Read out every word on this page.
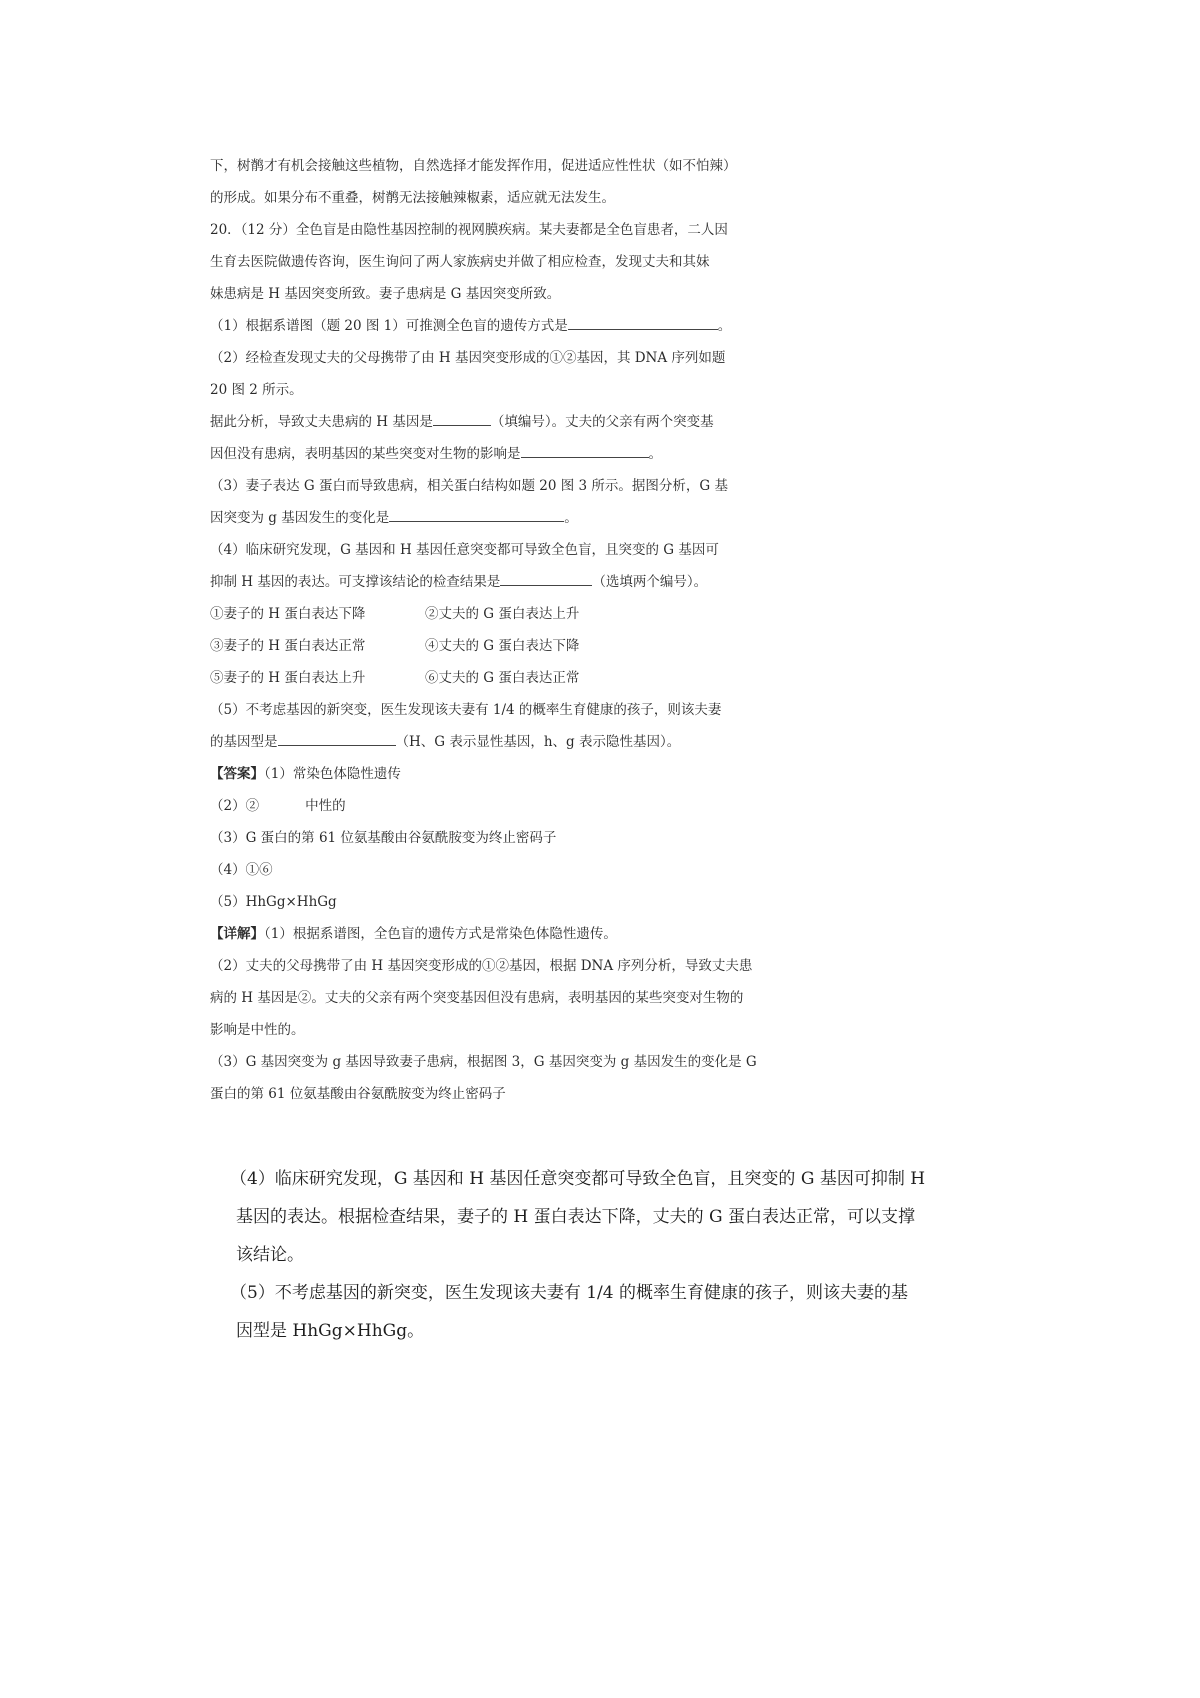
下，树鹡才有机会接触这些植物，自然选择才能发挥作用，促进适应性性状（如不怕辣）

的形成。如果分布不重叠，树鹡无法接触辣椒素，适应就无法发生。

20．（12 分）全色盲是由隐性基因控制的视网膜疾病。某夫妻都是全色盲患者，二人因

生育去医院做遗传咨询，医生询问了两人家族病史并做了相应检查，发现丈夫和其妹

妹患病是 H 基因突变所致。妻子患病是 G 基因突变所致。

（1）根据系谱图（题 20 图 1）可推测全色盲的遗传方式是	。

（2）经检查发现丈夫的父母携带了由 H 基因突变形成的①②基因，其 DNA 序列如题

20 图 2 所示。

据此分析，导致丈夫患病的 H 基因是	（填编号）。丈夫的父亲有两个突变基

因但没有患病，表明基因的某些突变对生物的影响是	。

（3）妻子表达 G 蛋白而导致患病，相关蛋白结构如题 20 图 3 所示。据图分析，G 基

因突变为 g 基因发生的变化是	。

（4）临床研究发现，G 基因和 H 基因任意突变都可导致全色盲，且突变的 G 基因可

抑制 H 基因的表达。可支撑该结论的检查结果是	（选填两个编号）。

①妻子的 H 蛋白表达下降	②丈夫的 G 蛋白表达上升

③妻子的 H 蛋白表达正常	④丈夫的 G 蛋白表达下降

⑤妻子的 H 蛋白表达上升	⑥丈夫的 G 蛋白表达正常

（5）不考虑基因的新突变，医生发现该夫妻有 1/4 的概率生育健康的孩子，则该夫妻

的基因型是	（H、G 表示显性基因，h、g 表示隐性基因）。

【答案】（1）常染色体隐性遗传

（2）②	中性的

（3）G 蛋白的第 61 位氨基酸由谷氨酰胺变为终止密码子

（4）①⑥

（5）HhGg×HhGg

【详解】（1）根据系谱图，全色盲的遗传方式是常染色体隐性遗传。

（2）丈夫的父母携带了由 H 基因突变形成的①②基因，根据 DNA 序列分析，导致丈夫患

病的 H 基因是②。丈夫的父亲有两个突变基因但没有患病，表明基因的某些突变对生物的

影响是中性的。

（3）G 基因突变为 g 基因导致妻子患病，根据图 3，G 基因突变为 g 基因发生的变化是 G

蛋白的第 61 位氨基酸由谷氨酰胺变为终止密码子

（4）临床研究发现，G 基因和 H 基因任意突变都可导致全色盲，且突变的 G 基因可抑制 H

基因的表达。根据检查结果，妻子的 H 蛋白表达下降，丈夫的 G 蛋白表达正常，可以支撑

该结论。

（5）不考虑基因的新突变，医生发现该夫妻有 1/4 的概率生育健康的孩子，则该夫妻的基

因型是 HhGg×HhGg。
